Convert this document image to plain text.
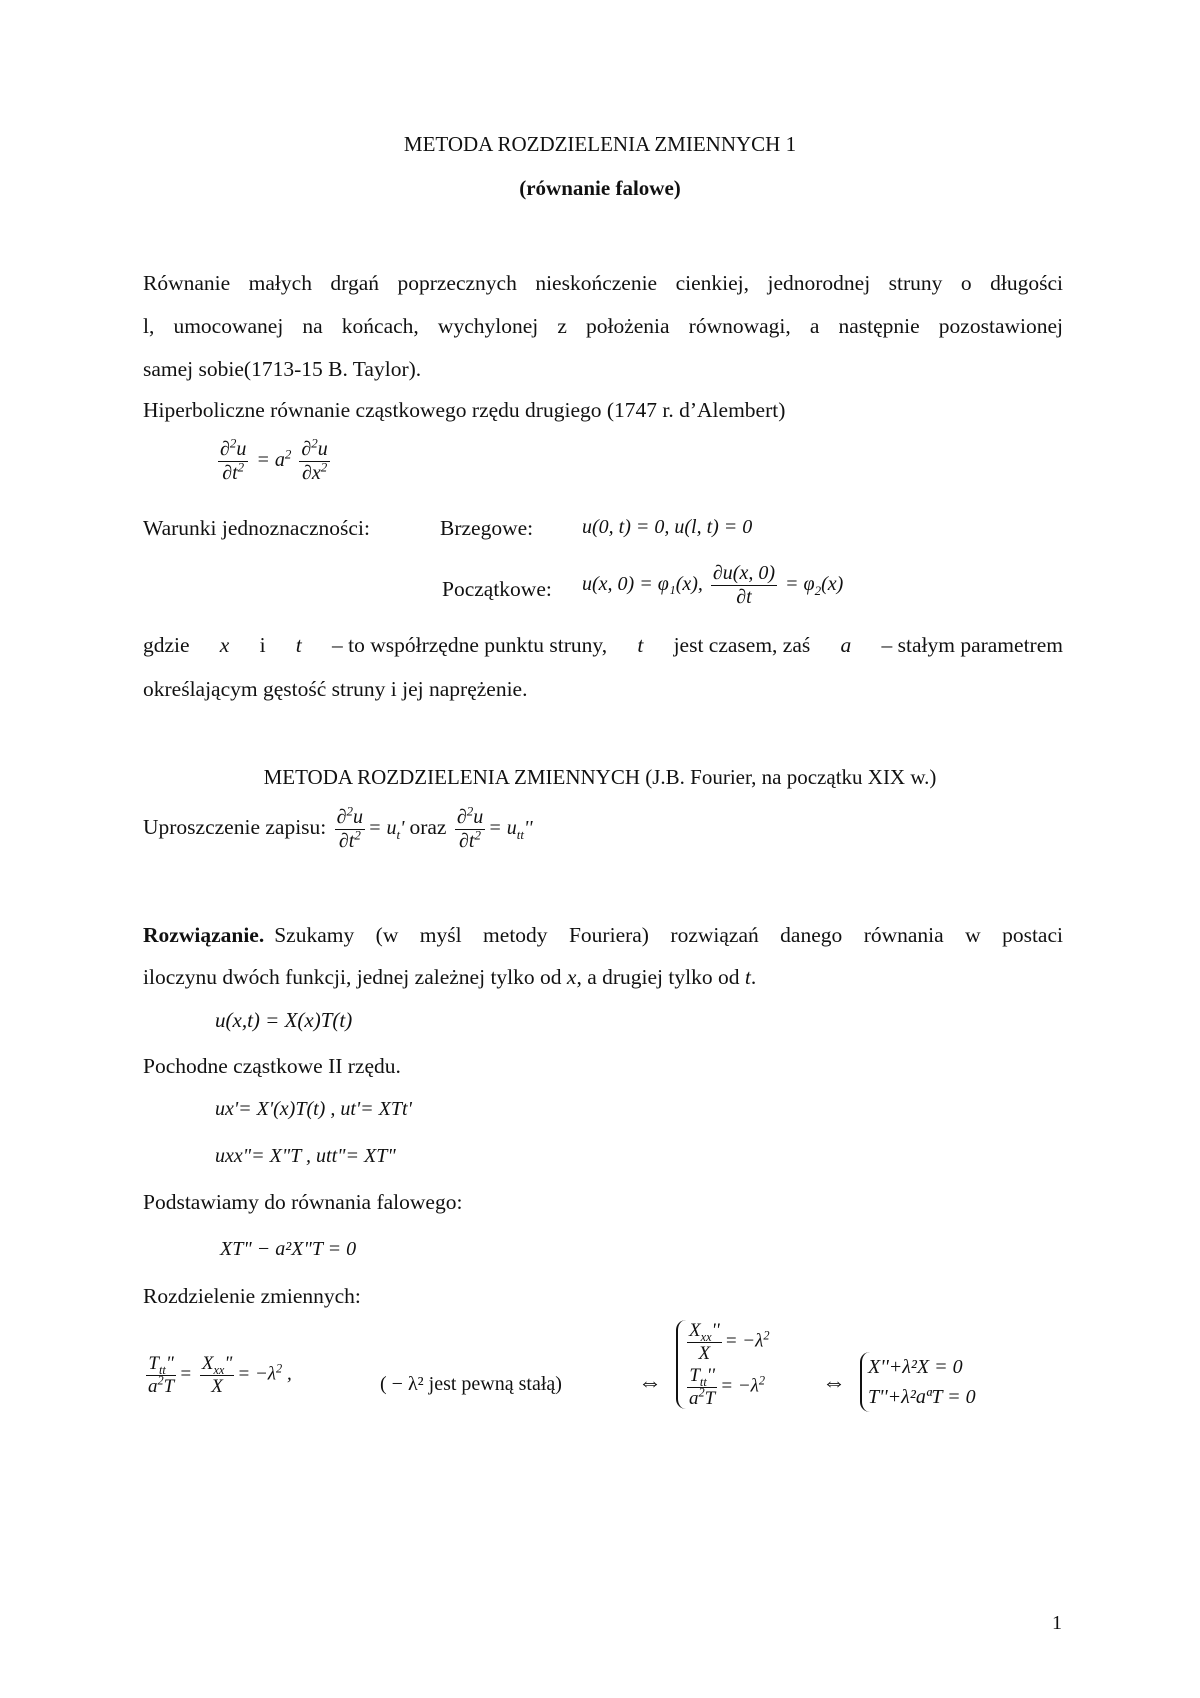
METODA ROZDZIELENIA ZMIENNYCH 1
(równanie falowe)
Równanie małych drgań poprzecznych nieskończenie cienkiej, jednorodnej struny o długości
l, umocowanej na końcach, wychylonej z położenia równowagi, a następnie pozostawionej
samej sobie(1713-15 B. Taylor).
Hiperboliczne równanie cząstkowego rzędu drugiego (1747 r. d’Alembert)
$\frac{\partial^2u}{\partial t^2} = a^2 \frac{\partial^2u}{\partial x^2}$
Warunki jednoznaczności:	Brzegowe: u(0, t) = 0, u(l, t) = 0
Początkowe: u(x, 0) = φ₁(x), $\frac{\partial u(x, 0)}{\partial t} = \varphi_2(x)$
gdzie x i t – to współrzędne punktu struny, t jest czasem, zaś a – stałym parametrem
określającym gęstość struny i jej naprężenie.
METODA ROZDZIELENIA ZMIENNYCH (J.B. Fourier, na początku XIX w.)
Uproszczenie zapisu: $\frac{\partial^2u}{\partial t^2} = u_t'$ oraz $\frac{\partial^2u}{\partial t^2} = u_{tt}''$
Rozwiązanie. Szukamy (w myśl metody Fouriera) rozwiązań danego równania w postaci
iloczynu dwóch funkcji, jednej zależnej tylko od x, a drugiej tylko od t.
u(x,t) = X(x)T(t)
Pochodne cząstkowe II rzędu.
ux'= X'(x)T(t) , ut'= XTt'
uxx"= X"T , utt"= XT"
Podstawiamy do równania falowego:
XT" − a²X"T = 0
Rozdzielenie zmiennych:
$\frac{T_{tt}"}{a^2T} = \frac{X_{xx}"}{X} = -\lambda^2$ ,	( − λ² jest pewną stałą)	⇔
$\frac{X_{xx}''}{X} = -\lambda^2$
$\frac{T_{tt}''}{a^2T} = -\lambda^2$ ⇔
X''+λ²X = 0
T''+λ²aªT = 0
1
